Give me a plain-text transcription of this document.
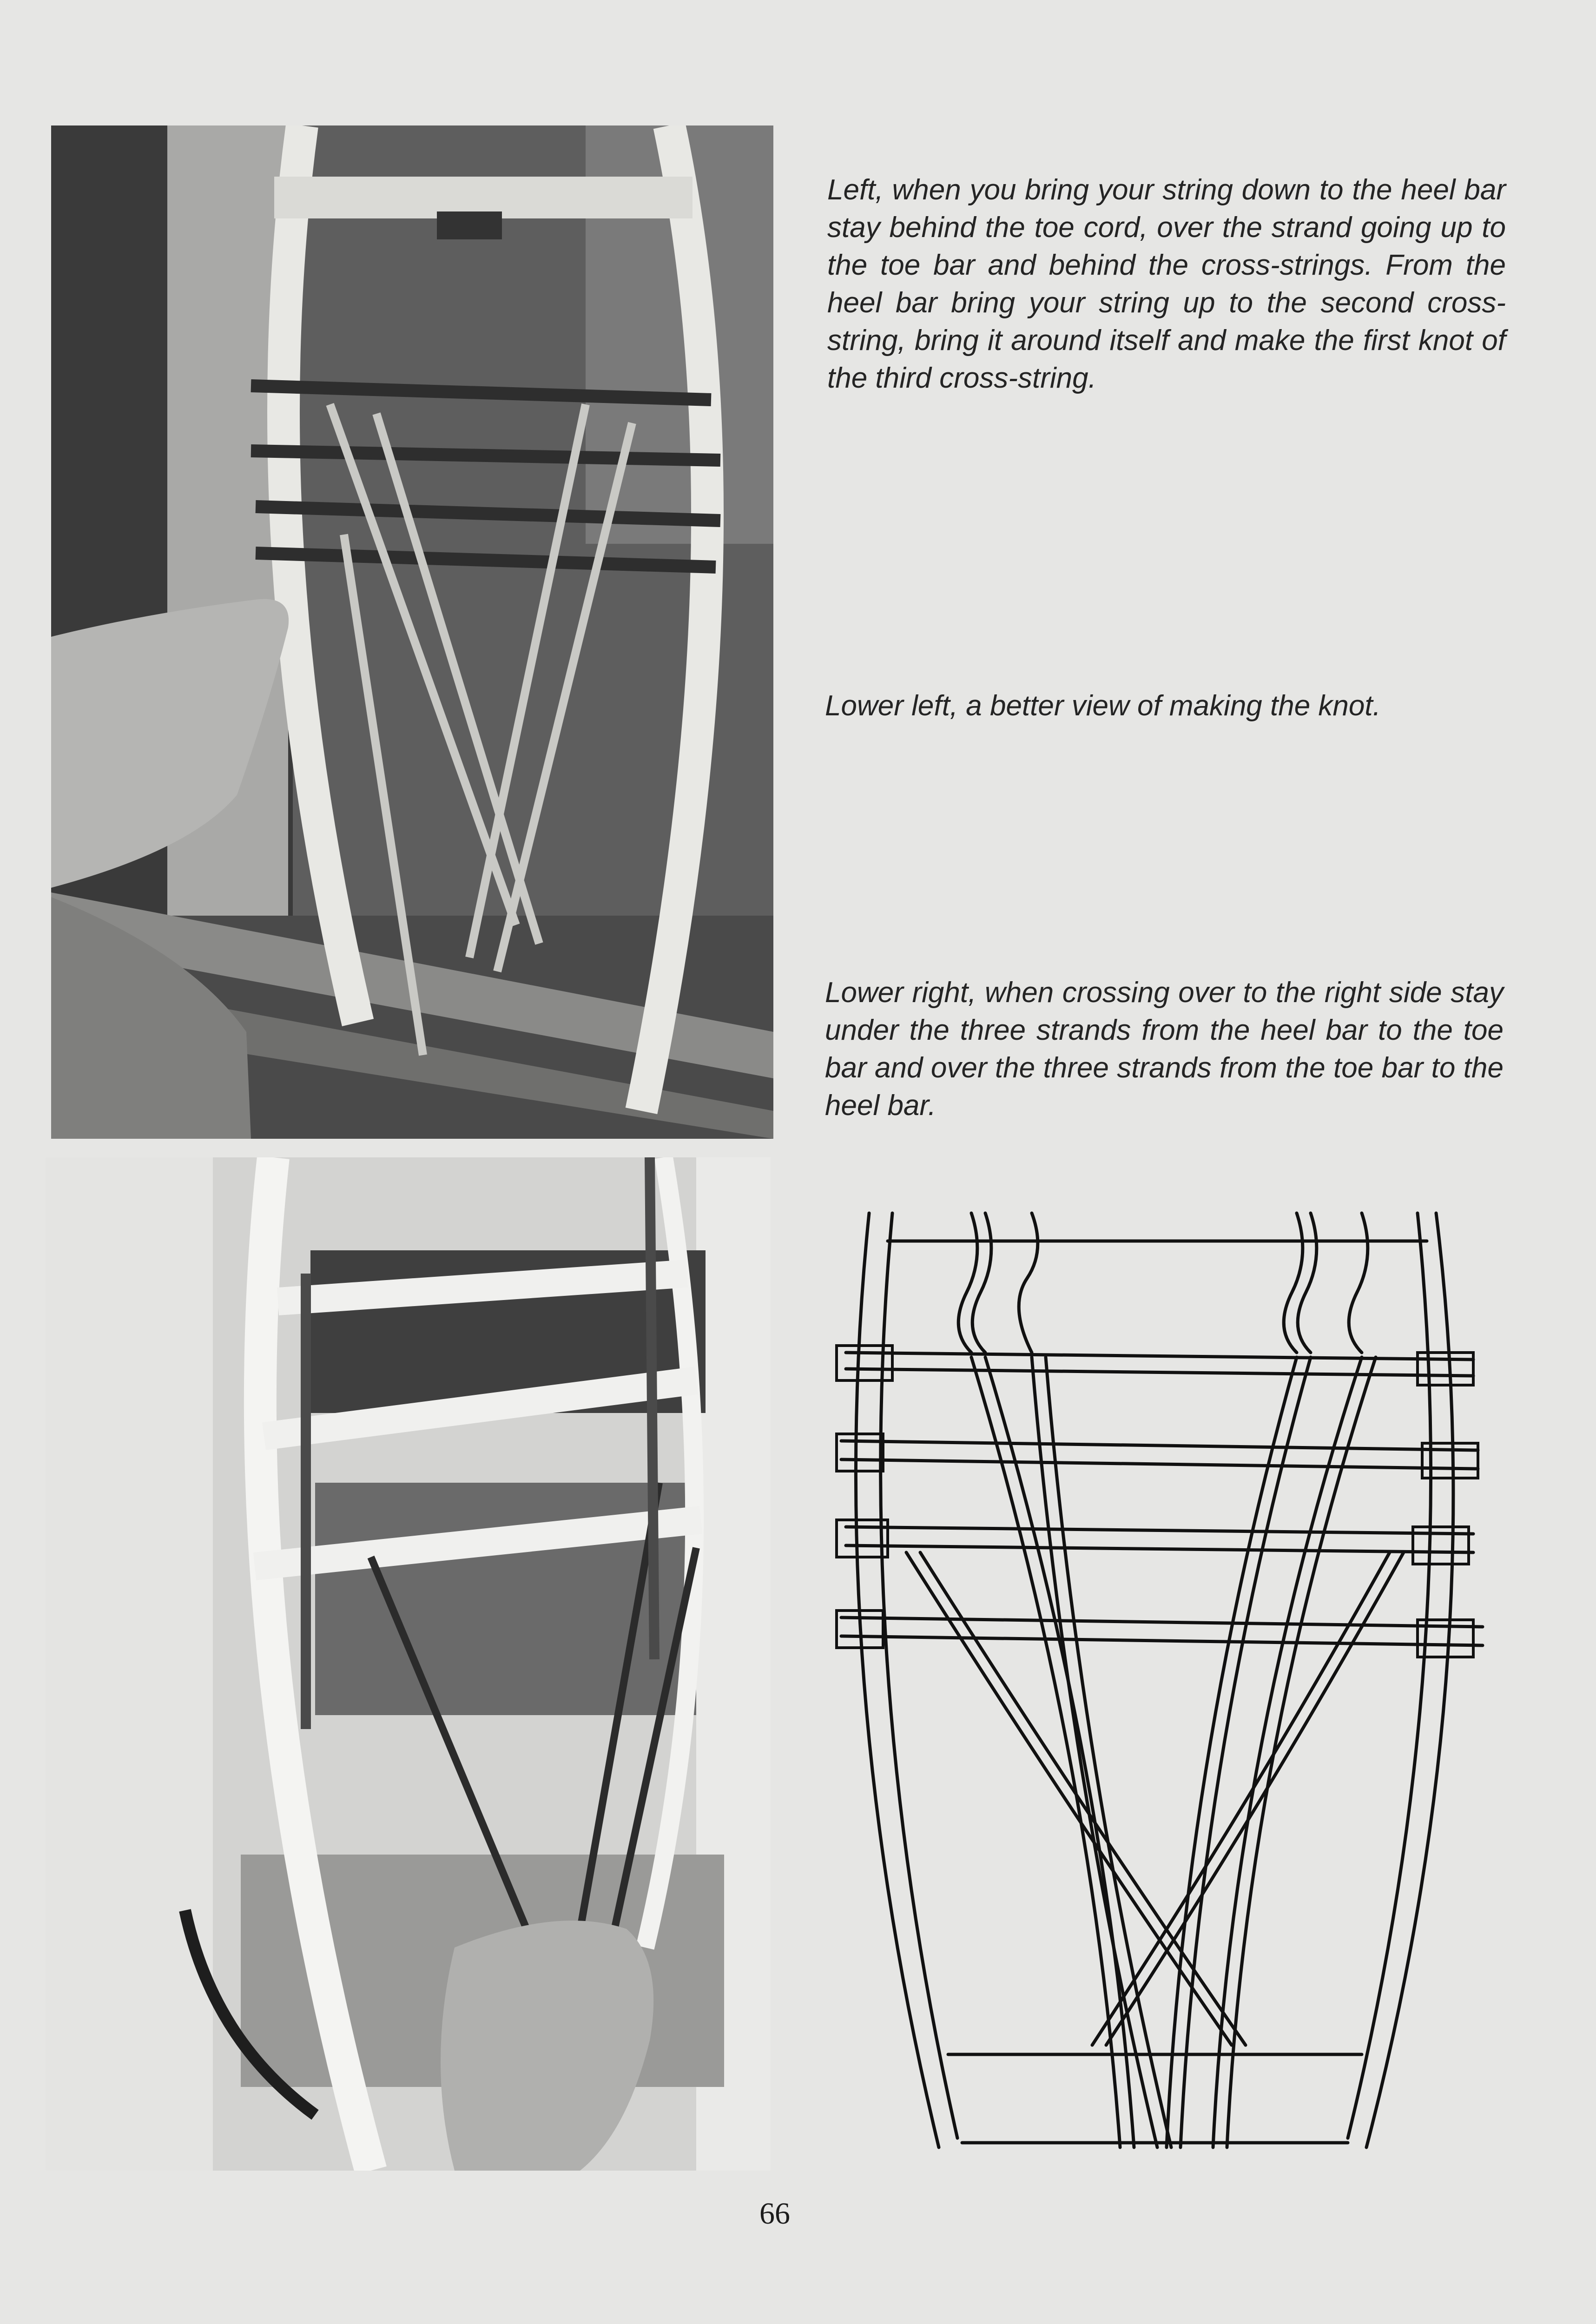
Left, when you bring your string down to the heel bar stay behind the toe cord, over the strand going up to the toe bar and behind the cross-strings. From the heel bar bring your string up to the second cross-string, bring it around itself and make the first knot of the third cross-string.

Lower left, a better view of making the knot.

Lower right, when crossing over to the right side stay under the three strands from the heel bar to the toe bar and over the three strands from the toe bar to the heel bar.

66
